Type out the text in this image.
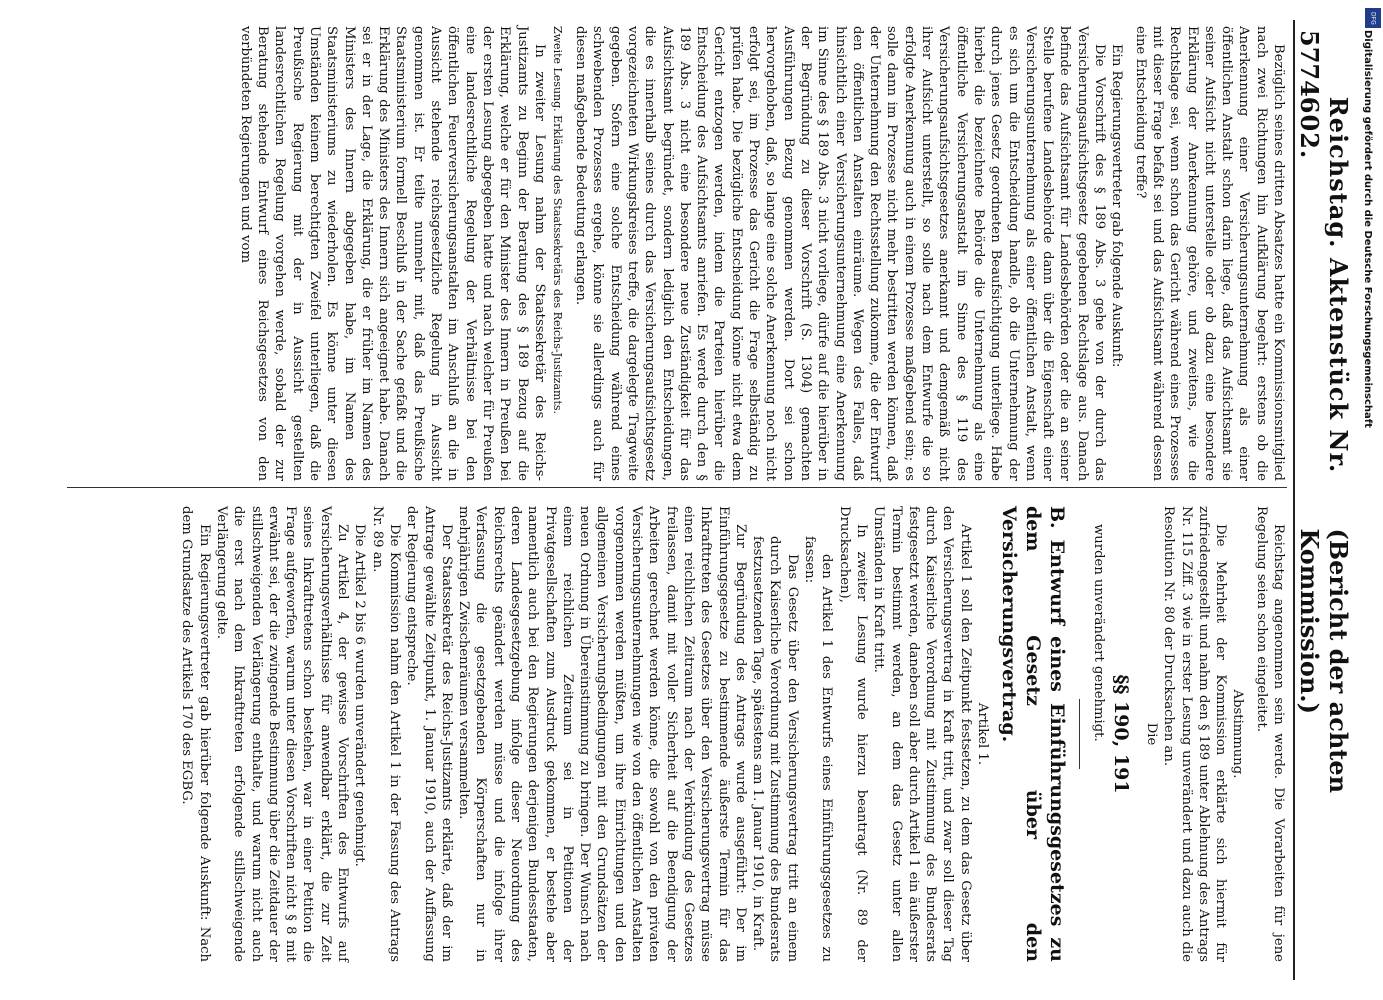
5774
Reichstag. Aktenstück Nr. 602.
(Bericht der achten Kommission.)

Bezüglich seines dritten Absatzes hatte ein Kommissionsmitglied nach zwei Richtungen hin Aufklärung begehrt: erstens ob die Anerkennung einer Versicherungsunternehmung als einer öffentlichen Anstalt schon darin liege, daß das Aufsichtsamt sie seiner Aufsicht nicht unterstelle oder ob dazu eine besondere Erklärung der Anerkennung gehöre, und zweitens, wie die Rechtslage sei, wenn schon das Gericht während eines Prozesses mit dieser Frage befaßt sei und das Aufsichtsamt während dessen eine Entscheidung treffe?

Ein Regierungsvertreter gab folgende Auskunft:

Die Vorschrift des § 189 Abs. 3 gehe von der durch das Versicherungsaufsichtsgesetz gegebenen Rechtslage aus. Danach befinde das Aufsichtsamt für Landesbehörden oder die an seiner Stelle berufene Landesbehörde dann über die Eigenschaft einer Versicherungsunternehmung als einer öffentlichen Anstalt, wenn es sich um die Entscheidung handle, ob die Unternehmung der durch jenes Gesetz geordneten Beaufsichtigung unterliege. Habe hierbei die bezeichnete Behörde die Unternehmung als eine öffentliche Versicherungsanstalt im Sinne des § 119 des Versicherungsaufsichtsgesetzes anerkannt und demgemäß nicht ihrer Aufsicht unterstellt, so solle nach dem Entwurfe die so erfolgte Anerkennung auch in einem Prozesse maßgebend sein; es solle dann im Prozesse nicht mehr bestritten werden können, daß der Unternehmung den Rechtsstellung zukomme, die der Entwurf den öffentlichen Anstalten einräume. Wegen des Falles, daß hinsichtlich einer Versicherungsunternehmung eine Anerkennung im Sinne des § 189 Abs. 3 nicht vorliege, dürfe auf die hierüber in der Begründung zu dieser Vorschrift (S. 1304) gemachten Ausführungen Bezug genommen werden. Dort sei schon hervorgehoben, daß, so lange eine solche Anerkennung noch nicht erfolgt sei, im Prozesse das Gericht die Frage selbständig zu prüfen habe. Die bezügliche Entscheidung könne nicht etwa dem Gericht entzogen werden, indem die Parteien hierüber die Entscheidung des Aufsichtsamts anriefen. Es werde durch den § 189 Abs. 3 nicht eine besondere neue Zuständigkeit für das Aufsichtsamt begründet, sondern lediglich den Entscheidungen, die es innerhalb seines durch das Versicherungsaufsichtsgesetz vorgezeichneten Wirkungskreises treffe, die dargelegte Tragweite gegeben. Sofern eine solche Entscheidung während eines schwebenden Prozesses ergehe, könne sie allerdings auch für diesen maßgebende Bedeutung erlangen.

Zweite Lesung. Erklärung des Staatssekretärs des Reichs-Justizamts.

In zweiter Lesung nahm der Staatssekretär des Reichs-Justizamts zu Beginn der Beratung des § 189 Bezug auf die Erklärung, welche er für den Minister des Innern in Preußen bei der ersten Lesung abgegeben hatte und nach welcher für Preußen eine landesrechtliche Regelung der Verhältnisse bei den öffentlichen Feuerversicherungsanstalten im Anschluß an die in Aussicht stehende reichsgesetzliche Regelung in Aussicht genommen ist. Er teilte nunmehr mit, daß das Preußische Staatsministerium formell Beschluß in der Sache gefaßt und die Erklärung des Ministers des Innern sich angeeignet habe. Danach sei er in der Lage, die Erklärung, die er früher im Namen des Ministers des Innern abgegeben habe, im Namen des Staatsministeriums zu wiederholen. Es könne unter diesen Umständen keinem berechtigten Zweifel unterliegen, daß die Preußische Regierung mit der in Aussicht gestellten landesrechtlichen Regelung vorgehen werde, sobald der zur Beratung stehende Entwurf eines Reichsgesetzes von den verbündeten Regierungen und vom

Reichstag angenommen sein werde. Die Vorarbeiten für jene Regelung seien schon eingeleitet.

Abstimmung.

Die Mehrheit der Kommission erklärte sich hiermit für zufriedengestellt und nahm den § 189 unter Ablehnung des Antrags Nr. 115 Ziff. 3 wie in erster Lesung unverändert und dazu auch die Resolution Nr. 80 der Drucksachen an.

Die

§§ 190, 191

wurden unverändert genehmigt.

B. Entwurf eines Einführungsgesetzes zu dem Gesetz über den Versicherungsvertrag.

Artikel 1.

Artikel 1 soll den Zeitpunkt festsetzen, zu dem das Gesetz über den Versicherungsvertrag in Kraft tritt, und zwar soll dieser Tag durch Kaiserliche Verordnung mit Zustimmung des Bundesrats festgesetzt werden, daneben soll aber durch Artikel 1 ein äußerster Termin bestimmt werden, an dem das Gesetz unter allen Umständen in Kraft tritt.

In zweiter Lesung wurde hierzu beantragt (Nr. 89 der Drucksachen),

den Artikel 1 des Entwurfs eines Einführungsgesetzes zu fassen:

Das Gesetz über den Versicherungsvertrag tritt an einem durch Kaiserliche Verordnung mit Zustimmung des Bundesrats festzusetzenden Tage, spätestens am 1. Januar 1910, in Kraft.

Zur Begründung des Antrags wurde ausgeführt: Der im Einführungsgesetze zu bestimmende äußerste Termin für das Inkrafttreten des Gesetzes über den Versicherungsvertrag müsse einen reichlichen Zeitraum nach der Verkündung des Gesetzes freilassen, damit mit voller Sicherheit auf die Beendigung der Arbeiten gerechnet werden könne, die sowohl von den privaten Versicherungsunternehmungen wie von den öffentlichen Anstalten vorgenommen werden müßten, um ihre Einrichtungen und den allgemeinen Versicherungsbedingungen mit den Grundsätzen der neuen Ordnung in Übereinstimmung zu bringen. Der Wunsch nach einem reichlichen Zeitraum sei in Petitionen der Privatgesellschaften zum Ausdruck gekommen, er bestehe aber namentlich auch bei den Regierungen derjenigen Bundesstaaten, deren Landesgesetzgebung infolge dieser Neuordnung des Reichsrechts geändert werden müsse und die infolge ihrer Verfassung die gesetzgebenden Körperschaften nur in mehrjährigen Zwischenräumen versammelten.

Der Staatssekretär des Reichs-Justizamts erklärte, daß der im Antrage gewählte Zeitpunkt, 1. Januar 1910, auch der Auffassung der Regierung entspreche.

Die Kommission nahm den Artikel 1 in der Fassung des Antrags Nr. 89 an.

Die Artikel 2 bis 6 wurden unverändert genehmigt.

Zu Artikel 4, der gewisse Vorschriften des Entwurfs auf Versicherungsverhältnisse für anwendbar erklärt, die zur Zeit seines Inkrafttretens schon bestehen, war in einer Petition die Frage aufgeworfen, warum unter diesen Vorschriften nicht § 8 mit erwähnt sei, der die zwingende Bestimmung über die Zeitdauer der stillschweigenden Verlängerung enthalte, und warum nicht auch die erst nach dem Inkrafttreten erfolgende stillschweigende Verlängerung gelte.

Ein Regierungsvertreter gab hierüber folgende Auskunft: Nach dem Grundsatze des Artikels 170 des EGBG.

DFG
Digitalisierung gefördert durch die Deutsche Forschungsgemeinschaft
